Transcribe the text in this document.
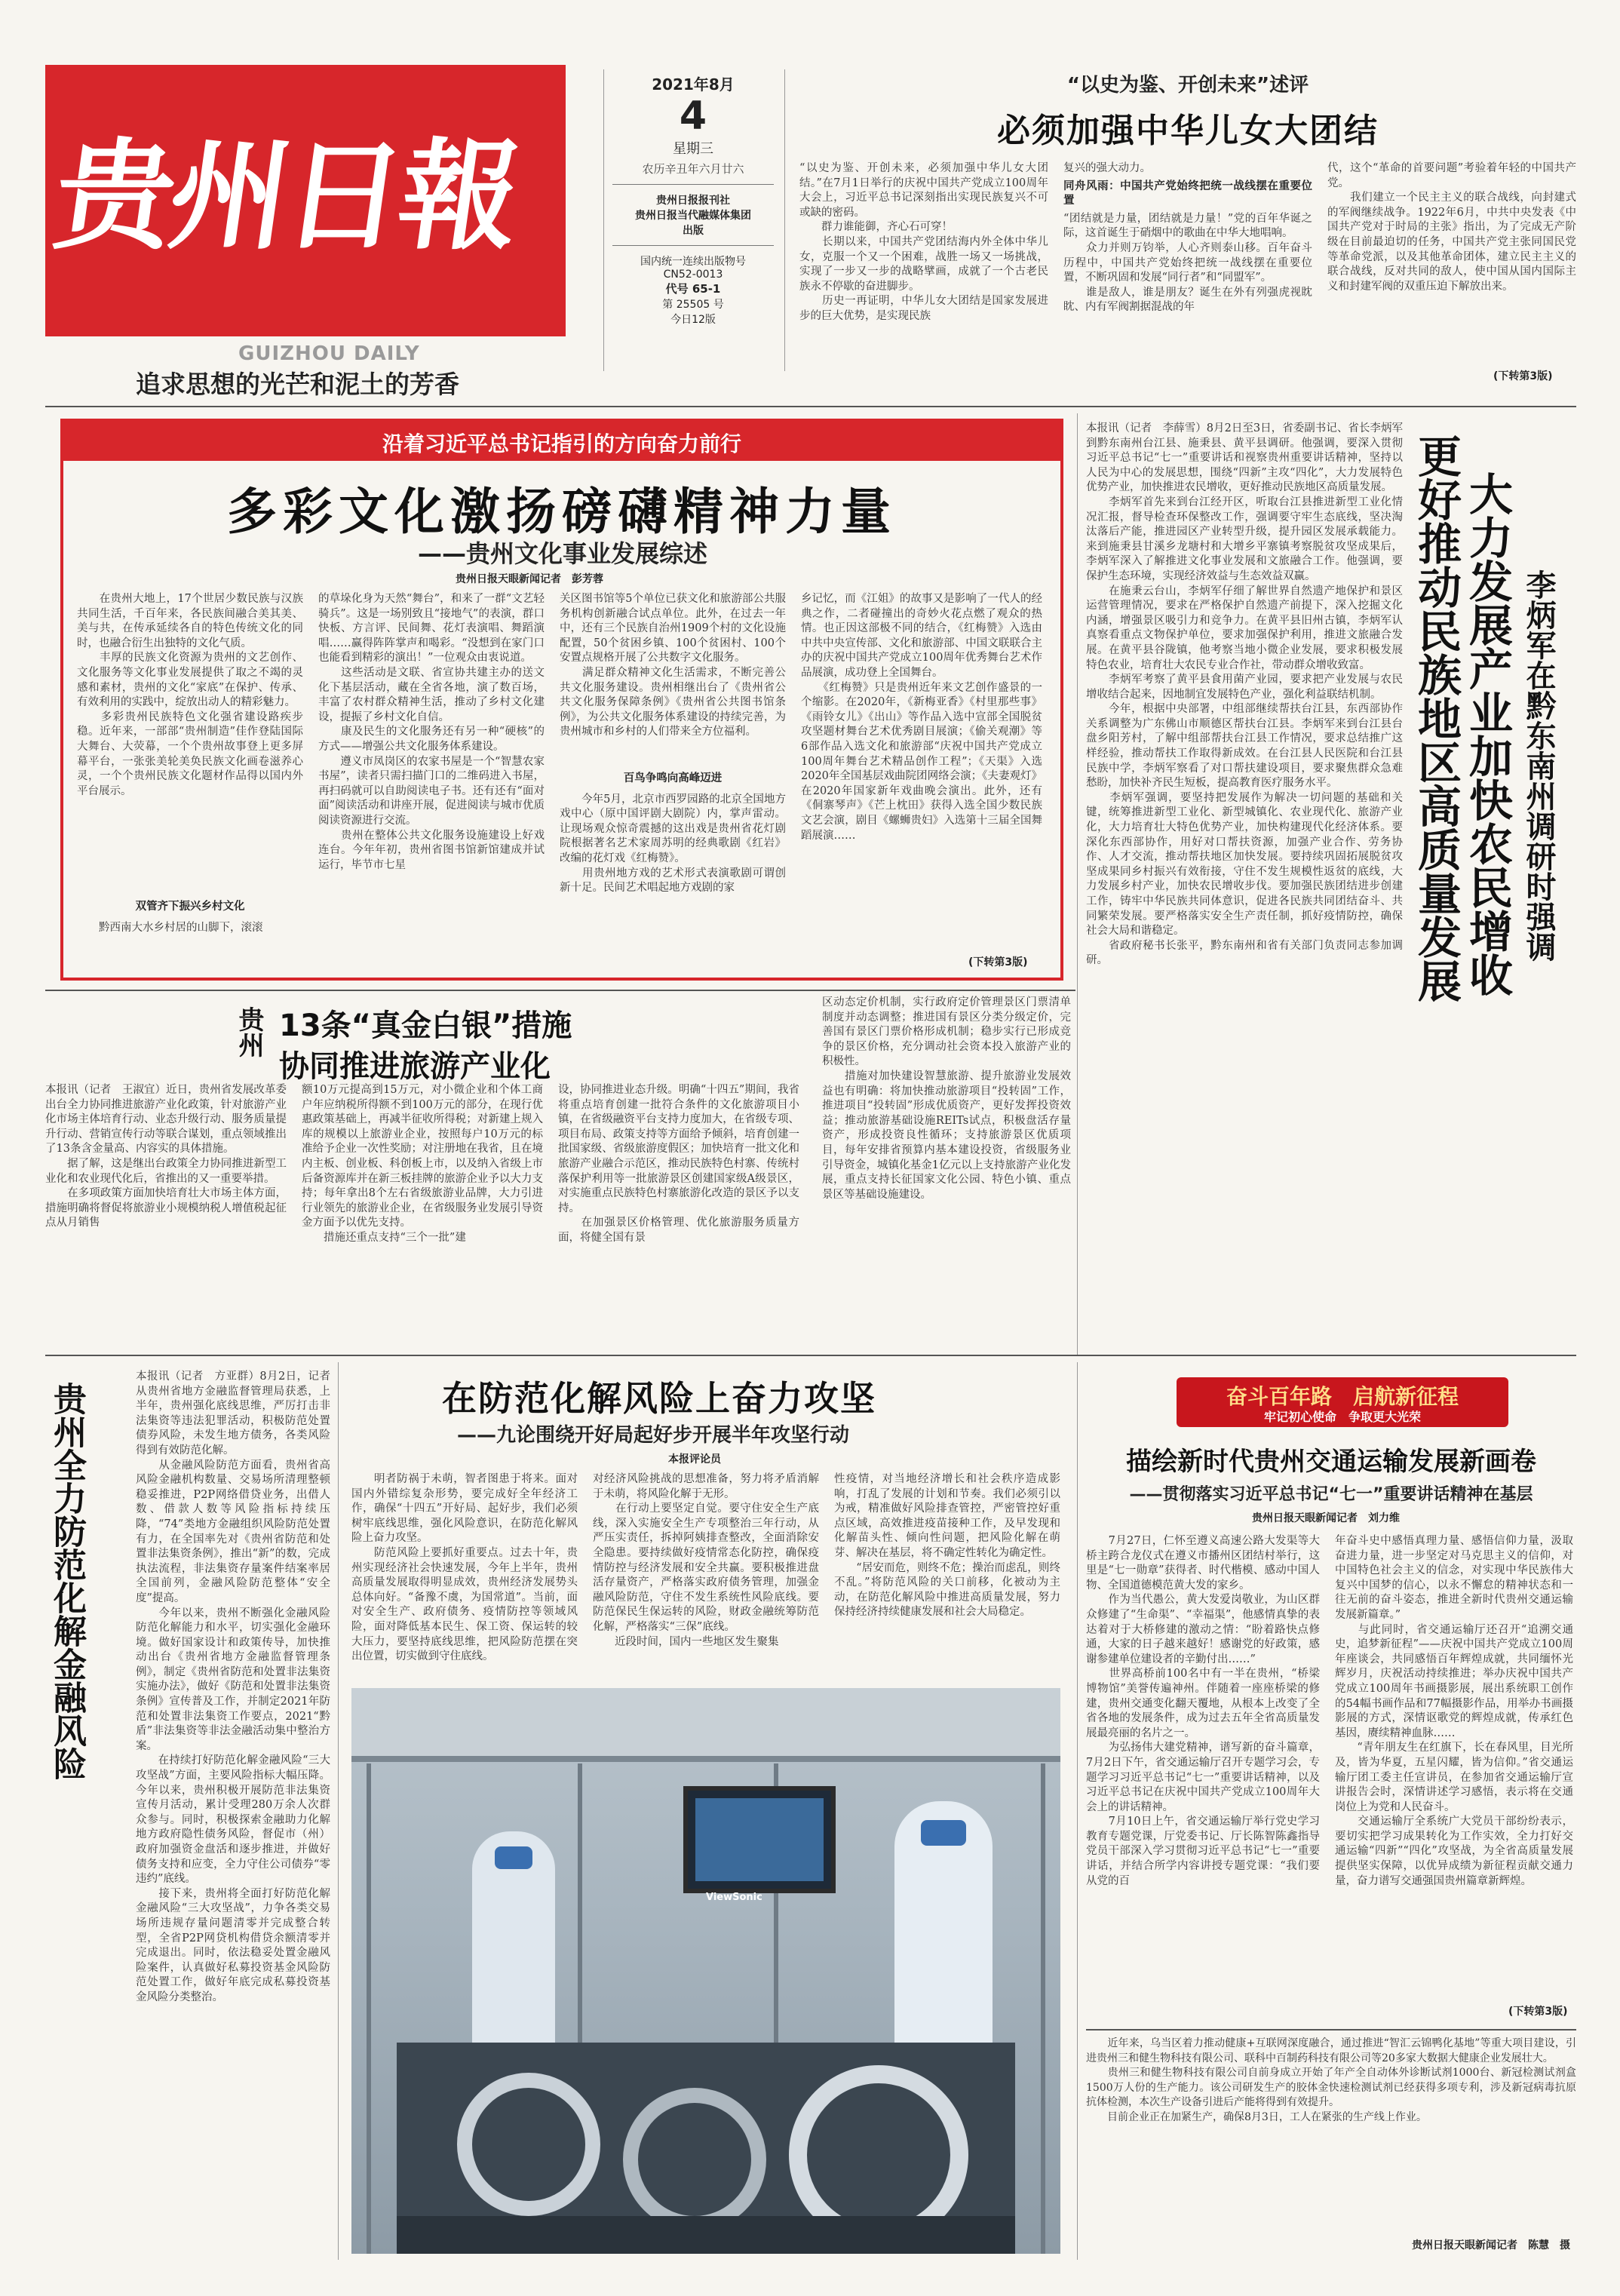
贵州日報
GUIZHOU DAILY
追求思想的光芒和泥土的芳香
2021年8月
4
星期三
农历辛丑年六月廿六
贵州日报报刊社
贵州日报当代融媒体集团
出版
国内统一连续出版物号
CN52-0013
代号 65-1
第 25505 号
今日12版
“以史为鉴、开创未来”述评
必须加强中华儿女大团结
“以史为鉴、开创未来，必须加强中华儿女大团结。”在7月1日举行的庆祝中国共产党成立100周年大会上，习近平总书记深刻指出实现民族复兴不可或缺的密码。
　　群力谁能御，齐心石可穿！
　　长期以来，中国共产党团结海内外全体中华儿女，克服一个又一个困难，战胜一场又一场挑战，实现了一步又一步的战略擘画，成就了一个古老民族永不停歇的奋进脚步。
　　历史一再证明，中华儿女大团结是国家发展进步的巨大优势，是实现民族
复兴的强大动力。
同舟风雨：中国共产党始终把统一战线摆在重要位置
“团结就是力量，团结就是力量！”党的百年华诞之际，这首诞生于硝烟中的歌曲在中华大地唱响。
　　众力并则万钧举，人心齐则泰山移。百年奋斗历程中，中国共产党始终把统一战线摆在重要位置，不断巩固和发展“同行者”和“同盟军”。
　　谁是敌人，谁是朋友？诞生在外有列强虎视眈眈、内有军阀割据混战的年
代，这个“革命的首要问题”考验着年轻的中国共产党。
　　我们建立一个民主主义的联合战线，向封建式的军阀继续战争。1922年6月，中共中央发表《中国共产党对于时局的主张》指出，为了完成无产阶级在目前最迫切的任务，中国共产党主张同国民党等革命党派，以及其他革命团体，建立民主主义的联合战线，反对共同的敌人，使中国从国内国际主义和封建军阀的双重压迫下解放出来。
(下转第3版)
沿着习近平总书记指引的方向奋力前行
多彩文化激扬磅礴精神力量
——贵州文化事业发展综述
贵州日报天眼新闻记者　彭芳蓉
　　在贵州大地上，17个世居少数民族与汉族共同生活，千百年来，各民族间融合美其美、美与共，在传承延续各自的特色传统文化的同时，也融合衍生出独特的文化气质。
　　丰厚的民族文化资源为贵州的文艺创作、文化服务等文化事业发展提供了取之不竭的灵感和素材，贵州的文化“家底”在保护、传承、有效利用的实践中，绽放出动人的精彩魅力。
　　多彩贵州民族特色文化强省建设路疾步稳。近年来，一部部“贵州制造”佳作登陆国际大舞台、大荧幕，一个个贵州故事登上更多屏幕平台，一张张美轮美奂民族文化画卷滋养心灵，一个个贵州民族文化题材作品得以国内外平台展示。
双管齐下振兴乡村文化
　　黔西南大水乡村居的山脚下，滚滚
的草垛化身为天然“舞台”，和来了一群“文艺轻骑兵”。这是一场别致且“接地气”的表演，群口快板、方言评、民间舞、花灯表演唱、舞蹈演唱……赢得阵阵掌声和喝彩。“没想到在家门口也能看到精彩的演出！”一位观众由衷说道。
　　这些活动是文联、省宣协共建主办的送文化下基层活动，藏在全省各地，演了数百场，丰富了农村群众精神生活，推动了乡村文化建设，提振了乡村文化自信。
　　康及民生的文化服务还有另一种“硬核”的方式——增强公共文化服务体系建设。
　　遵义市凤岗区的农家书屋是一个“智慧农家书屋”，读者只需扫描门口的二维码进入书屋，再扫码就可以自助阅读电子书。还有还有“面对面”阅读活动和讲座开展，促进阅读与城市优质阅读资源进行交流。
　　贵州在整体公共文化服务设施建设上好戏连台。今年年初，贵州省图书馆新馆建成并试运行，毕节市七星
关区图书馆等5个单位已获文化和旅游部公共服务机构创新融合试点单位。此外，在过去一年中，还有三个民族自治州1909个村的文化设施配置，50个贫困乡镇、100个贫困村、100个安置点规格开展了公共数字文化服务。
　　满足群众精神文化生活需求，不断完善公共文化服务建设。贵州相继出台了《贵州省公共文化服务保障条例》《贵州省公共图书馆条例》，为公共文化服务体系建设的持续完善，为贵州城市和乡村的人们带来全方位福利。
百鸟争鸣向高峰迈进
　　今年5月，北京市西罗园路的北京全国地方戏中心（原中国评剧大剧院）内，掌声雷动。让现场观众惊奇震撼的这出戏是贵州省花灯剧院根据著名艺术家周苏明的经典歌剧《红岩》改编的花灯戏《红梅赞》。
　　用贵州地方戏的艺术形式表演歌剧可谓创新十足。民间艺术唱起地方戏剧的家
乡记忆，而《江姐》的故事又是影响了一代人的经典之作，二者碰撞出的奇妙火花点燃了观众的热情。也正因这部极不同的结合，《红梅赞》入选由中共中央宣传部、文化和旅游部、中国文联联合主办的庆祝中国共产党成立100周年优秀舞台艺术作品展演，成功登上全国舞台。
　　《红梅赞》只是贵州近年来文艺创作盛景的一个缩影。在2020年，《新梅亚香》《村里那些事》《雨铃女儿》《出山》等作品入选中宣部全国脱贫攻坚题材舞台艺术优秀剧目展演；《偷关观潮》等6部作品入选文化和旅游部“庆祝中国共产党成立100周年舞台艺术精品创作工程”；《天渠》入选2020年全国基层戏曲院团网络会演；《夫妻观灯》在2020年国家新年戏曲晚会演出。此外，还有《侗寨琴声》《芒上枕田》获得入选全国少数民族文艺会演，剧目《螺蛳贵妇》入选第十三届全国舞蹈展演……
(下转第3版)
本报讯（记者　李薛雪）8月2日至3日，省委副书记、省长李炳军到黔东南州台江县、施秉县、黄平县调研。他强调，要深入贯彻习近平总书记“七一”重要讲话和视察贵州重要讲话精神，坚持以人民为中心的发展思想，围绕“四新”主攻“四化”，大力发展特色优势产业，加快推进农民增收，更好推动民族地区高质量发展。
　　李炳军首先来到台江经开区，听取台江县推进新型工业化情况汇报，督导检查环保整改工作，强调要守牢生态底线，坚决淘汰落后产能，推进园区产业转型升级，提升园区发展承载能力。来到施秉县甘溪乡龙塘村和大增乡平寨镇考察脱贫攻坚成果后，李炳军深入了解推进文化事业发展和文旅融合工作。他强调，要保护生态环境，实现经济效益与生态效益双赢。
　　在施秉云台山，李炳军仔细了解世界自然遗产地保护和景区运营管理情况，要求在严格保护自然遗产前提下，深入挖掘文化内涵，增强景区吸引力和竞争力。在黄平县旧州古镇，李炳军认真察看重点文物保护单位，要求加强保护利用，推进文旅融合发展。在黄平县谷陇镇，他考察当地小微企业发展，要求积极发展特色农业，培育壮大农民专业合作社，带动群众增收致富。
　　李炳军考察了黄平县食用菌产业园，要求把产业发展与农民增收结合起来，因地制宜发展特色产业，强化利益联结机制。
　　今年，根据中央部署，中组部继续帮扶台江县，东西部协作关系调整为广东佛山市顺德区帮扶台江县。李炳军来到台江县台盘乡阳芳村，了解中组部帮扶台江县工作情况，要求总结推广这样经验，推动帮扶工作取得新成效。在台江县人民医院和台江县民族中学，李炳军察看了对口帮扶建设项目，要求聚焦群众急难愁盼，加快补齐民生短板，提高教育医疗服务水平。
　　李炳军强调，要坚持把发展作为解决一切问题的基础和关键，统筹推进新型工业化、新型城镇化、农业现代化、旅游产业化，大力培育壮大特色优势产业，加快构建现代化经济体系。要深化东西部协作，用好对口帮扶资源，加强产业合作、劳务协作、人才交流，推动帮扶地区加快发展。要持续巩固拓展脱贫攻坚成果同乡村振兴有效衔接，守住不发生规模性返贫的底线，大力发展乡村产业，加快农民增收步伐。要加强民族团结进步创建工作，铸牢中华民族共同体意识，促进各民族共同团结奋斗、共同繁荣发展。要严格落实安全生产责任制，抓好疫情防控，确保社会大局和谐稳定。
　　省政府秘书长张平，黔东南州和省有关部门负责同志参加调研。	更好推动民族地区高质量发展 大力发展产业加快农民增收 李炳军在黔东南州调研时强调
贵州 13条“真金白银”措施
协同推进旅游产业化
本报讯（记者　王淑宜）近日，贵州省发展改革委出台全力协同推进旅游产业化政策，针对旅游产业化市场主体培育行动、业态升级行动、服务质量提升行动、营销宣传行动等联合谋划，重点领域推出了13条含金量高、内容实的具体措施。
　　据了解，这是继出台政策全力协同推进新型工业化和农业现代化后，省推出的又一重要举措。
　　在多项政策方面加快培育壮大市场主体方面，措施明确将督促将旅游业小规模纳税人增值税起征点从月销售
额10万元提高到15万元，对小微企业和个体工商户年应纳税所得额不到100万元的部分，在现行优惠政策基础上，再减半征收所得税；对新建上规入库的规模以上旅游业企业，按照每户10万元的标准给予企业一次性奖励；对注册地在我省，且在境内主板、创业板、科创板上市，以及纳入省级上市后备资源库并在新三板挂牌的旅游企业予以大力支持；每年拿出8个左右省级旅游业品牌，大力引进行业领先的旅游业企业，在省级服务业发展引导资金方面予以优先支持。
　　措施还重点支持“三个一批”建
设，协同推进业态升级。明确“十四五”期间，我省将重点培育创建一批符合条件的文化旅游项目小镇，在省级融资平台支持力度加大，在省级专项、项目布局、政策支持等方面给予倾斜，培育创建一批国家级、省级旅游度假区；加快培育一批文化和旅游产业融合示范区，推动民族特色村寨、传统村落保护利用等一批旅游景区创建国家级A级景区，对实施重点民族特色村寨旅游化改造的景区予以支持。
　　在加强景区价格管理、优化旅游服务质量方面，将健全国有景
区动态定价机制，实行政府定价管理景区门票清单制度并动态调整；推进国有景区分类分级定价，完善国有景区门票价格形成机制；稳步实行已形成竞争的景区价格，充分调动社会资本投入旅游产业的积极性。
　　措施对加快建设智慧旅游、提升旅游业发展效益也有明确：将加快推动旅游项目“投转固”工作，推进项目“投转固”形成优质资产，更好发挥投资效益；推动旅游基础设施REITs试点，积极盘活存量资产，形成投资良性循环；支持旅游景区优质项目，每年安排省预算内基本建设投资，省级服务业引导资金，城镇化基金1亿元以上支持旅游产业化发展，重点支持长征国家文化公园、特色小镇、重点景区等基础设施建设。
贵州全力防范化解金融风险
本报讯（记者　方亚群）8月2日，记者从贵州省地方金融监督管理局获悉，上半年，贵州强化底线思维，严厉打击非法集资等违法犯罪活动，积极防范处置债券风险，未发生地方债务，各类风险得到有效防范化解。
　　从金融风险防范方面看，贵州省高风险金融机构数量、交易场所清理整顿稳妥推进，P2P网络借贷业务，出借人数、借款人数等风险指标持续压降，“74”类地方金融组织风险防范处置有力，在全国率先对《贵州省防范和处置非法集资条例》，推出“新”的数，完成执法流程，非法集资存量案件结案率居全国前列，金融风险防范整体“安全度”提高。
　　今年以来，贵州不断强化金融风险防范化解能力和水平，切实强化金融环境。做好国家设计和政策传导，加快推动出台《贵州省地方金融监督管理条例》，制定《贵州省防范和处置非法集资实施办法》，做好《防范和处置非法集资条例》宣传普及工作，并制定2021年防范和处置非法集资工作要点，2021“黔盾”非法集资等非法金融活动集中整治方案。
　　在持续打好防范化解金融风险“三大攻坚战”方面，主要风险指标大幅压降。今年以来，贵州积极开展防范非法集资宣传月活动，累计受理280万余人次群众参与。同时，积极探索金融助力化解地方政府隐性债务风险，督促市（州）政府加强资金盘活和逐步推进，并做好债务支持和应变，全力守住公司债券“零违约”底线。
　　接下来，贵州将全面打好防范化解金融风险“三大攻坚战”，力争各类交易场所违规存量问题清零并完成整合转型，全省P2P网贷机构借贷余额清零并完成退出。同时，依法稳妥处置金融风险案件，认真做好私募投资基金风险防范处置工作，做好年底完成私募投资基金风险分类整治。
在防范化解风险上奋力攻坚
——九论围绕开好局起好步开展半年攻坚行动
本报评论员
　　明者防祸于未萌，智者图患于将来。面对国内外错综复杂形势，要完成好全年经济工作，确保“十四五”开好局、起好步，我们必须树牢底线思维，强化风险意识，在防范化解风险上奋力攻坚。
　　防范风险上要抓好重要点。过去十年，贵州实现经济社会快速发展，今年上半年，贵州高质量发展取得明显成效，贵州经济发展势头总体向好。“备豫不虞，为国常道”。当前，面对安全生产、政府债务、疫情防控等领域风险，面对降低基本民生、保工资、保运转的较大压力，要坚持底线思维，把风险防范摆在突出位置，切实做到守住底线。
对经济风险挑战的思想准备，努力将矛盾消解于未萌，将风险化解于无形。
　　在行动上要坚定自觉。要守住安全生产底线，深入实施安全生产专项整治三年行动，从严压实责任，拆掉阿姨排查整改，全面消除安全隐患。要持续做好疫情常态化防控，确保疫情防控与经济发展和安全共赢。要积极推进盘活存量资产，严格落实政府债务管理，加强金融风险防范，守住不发生系统性风险底线。要防范保民生保运转的风险，财政金融统筹防范化解，严格落实“三保”底线。
　　近段时间，国内一些地区发生聚集
性疫情，对当地经济增长和社会秩序造成影响，打乱了发展的计划和节奏。我们必须引以为戒，精准做好风险排查管控，严密管控好重点区域，高效推进疫苗接种工作，及早发现和化解苗头性、倾向性问题，把风险化解在萌芽、解决在基层，将不确定性转化为确定性。
　　“居安而危，则终不危；操治而虑乱，则终不乱。”将防范风险的关口前移，化被动为主动，在防范化解风险中推进高质量发展，努力保持经济持续健康发展和社会大局稳定。
ViewSonic
奋斗百年路　启航新征程
牢记初心使命　争取更大光荣
描绘新时代贵州交通运输发展新画卷
——贯彻落实习近平总书记“七一”重要讲话精神在基层
贵州日报天眼新闻记者　刘力维
　　7月27日，仁怀至遵义高速公路大发渠等大桥主跨合龙仪式在遵义市播州区团结村举行，这里是“七一勋章”获得者、时代楷模、感动中国人物、全国道德模范黄大发的家乡。
　　作为当代愚公，黄大发爱岗敬业，为山区群众修建了“生命渠”、“幸福渠”，他感情真挚的表达着对于大桥修建的激动之情：“盼着路快点修通，大家的日子越来越好！感谢党的好政策，感谢参建单位建设者的辛勤付出……”
　　世界高桥前100名中有一半在贵州，“桥梁博物馆”美誉传遍神州。伴随着一座座桥梁的修建，贵州交通变化翻天覆地，从根本上改变了全省各地的发展条件，成为过去五年全省高质量发展最亮丽的名片之一。
　　为弘扬伟大建党精神，谱写新的奋斗篇章，7月2日下午，省交通运输厅召开专题学习会，专题学习习近平总书记“七一”重要讲话精神，以及习近平总书记在庆祝中国共产党成立100周年大会上的讲话精神。
　　7月10日上午，省交通运输厅举行党史学习教育专题党课，厅党委书记、厅长陈智陈鑫指导党员干部深入学习贯彻习近平总书记“七一”重要讲话，并结合所学内容讲授专题党课：“我们要从党的百
年奋斗史中感悟真理力量、感悟信仰力量，汲取奋进力量，进一步坚定对马克思主义的信仰，对中国特色社会主义的信念，对实现中华民族伟大复兴中国梦的信心，以永不懈怠的精神状态和一往无前的奋斗姿态，推进全新时代贵州交通运输发展新篇章。”
　　与此同时，省交通运输厅还召开“追溯交通史，追梦新征程”——庆祝中国共产党成立100周年座谈会，共同感悟百年辉煌成就，共同缅怀光辉岁月，庆祝活动持续推进；举办庆祝中国共产党成立100周年书画摄影展，展出系统职工创作的54幅书画作品和77幅摄影作品，用举办书画摄影展的方式，深情讴歌党的辉煌成就，传承红色基因，赓续精神血脉……
　　“青年朋友生在红旗下，长在春风里，目光所及，皆为华夏，五星闪耀，皆为信仰。”省交通运输厅团工委主任宣讲员，在参加省交通运输厅宣讲报告会时，深情讲述学习感悟，表示将在交通岗位上为党和人民奋斗。
　　交通运输厅全系统广大党员干部纷纷表示，要切实把学习成果转化为工作实效，全力打好交通运输“四新”“四化”攻坚战，为全省高质量发展提供坚实保障，以优异成绩为新征程贡献交通力量，奋力谱写交通强国贵州篇章新辉煌。
(下转第3版)
　　近年来，乌当区着力推动健康+互联网深度融合，通过推进“智汇云锦鸭化基地”等重大项目建设，引进贵州三和健生物科技有限公司、联科中百制药科技有限公司等20多家大数据大健康企业发展壮大。
　　贵州三和健生物科技有限公司自前身成立开始了年产全自动体外诊断试剂1000台、新冠检测试剂盒1500万人份的生产能力。该公司研发生产的胶体金快速检测试剂已经获得多项专利，涉及新冠病毒抗原抗体检测，本次生产设备引进后产能将得到有效提升。
　　目前企业正在加紧生产，确保8月3日，工人在紧张的生产线上作业。
贵州日报天眼新闻记者　陈慧　摄
